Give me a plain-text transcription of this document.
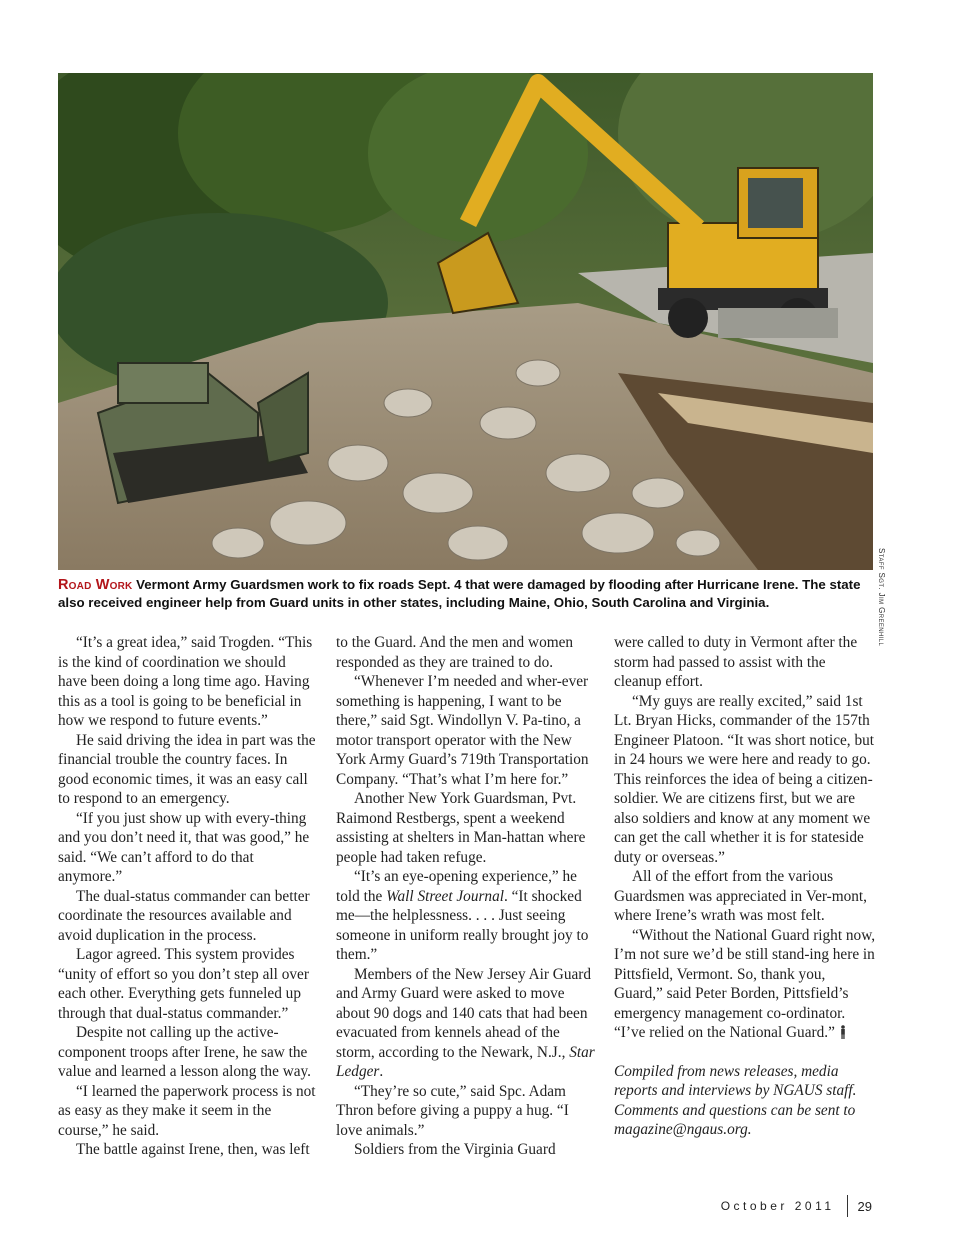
Staff Sgt. Jim Greenhill
Road Work Vermont Army Guardsmen work to fix roads Sept. 4 that were damaged by flooding after Hurricane Irene. The state also received engineer help from Guard units in other states, including Maine, Ohio, South Carolina and Virginia.

“It’s a great idea,” said Trogden. “This is the kind of coordination we should have been doing a long time ago. Having this as a tool is going to be beneficial in how we respond to future events.”

He said driving the idea in part was the financial trouble the country faces. In good economic times, it was an easy call to respond to an emergency.

“If you just show up with every-thing and you don’t need it, that was good,” he said. “We can’t afford to do that anymore.”

The dual-status commander can better coordinate the resources available and avoid duplication in the process.

Lagor agreed. This system provides “unity of effort so you don’t step all over each other. Everything gets funneled up through that dual-status commander.”

Despite not calling up the active-component troops after Irene, he saw the value and learned a lesson along the way.

“I learned the paperwork process is not as easy as they make it seem in the course,” he said.

The battle against Irene, then, was left

to the Guard. And the men and women responded as they are trained to do.

“Whenever I’m needed and wher-ever something is happening, I want to be there,” said Sgt. Windollyn V. Pa-tino, a motor transport operator with the New York Army Guard’s 719th Transportation Company. “That’s what I’m here for.”

Another New York Guardsman, Pvt. Raimond Restbergs, spent a weekend assisting at shelters in Man-hattan where people had taken refuge.

“It’s an eye-opening experience,” he told the Wall Street Journal. “It shocked me—the helplessness. . . . Just seeing someone in uniform really brought joy to them.”

Members of the New Jersey Air Guard and Army Guard were asked to move about 90 dogs and 140 cats that had been evacuated from kennels ahead of the storm, according to the Newark, N.J., Star Ledger.

“They’re so cute,” said Spc. Adam Thron before giving a puppy a hug. “I love animals.”

Soldiers from the Virginia Guard

were called to duty in Vermont after the storm had passed to assist with the cleanup effort.

“My guys are really excited,” said 1st Lt. Bryan Hicks, commander of the 157th Engineer Platoon. “It was short notice, but in 24 hours we were here and ready to go. This reinforces the idea of being a citizen-soldier. We are citizens first, but we are also soldiers and know at any moment we can get the call whether it is for stateside duty or overseas.”

All of the effort from the various Guardsmen was appreciated in Ver-mont, where Irene’s wrath was most felt.

“Without the National Guard right now, I’m not sure we’d be still stand-ing here in Pittsfield, Vermont. So, thank you, Guard,” said Peter Borden, Pittsfield’s emergency management co-ordinator. “I’ve relied on the National Guard.”

Compiled from news releases, media reports and interviews by NGAUS staff. Comments and questions can be sent to magazine@ngaus.org.

October 2011 29
